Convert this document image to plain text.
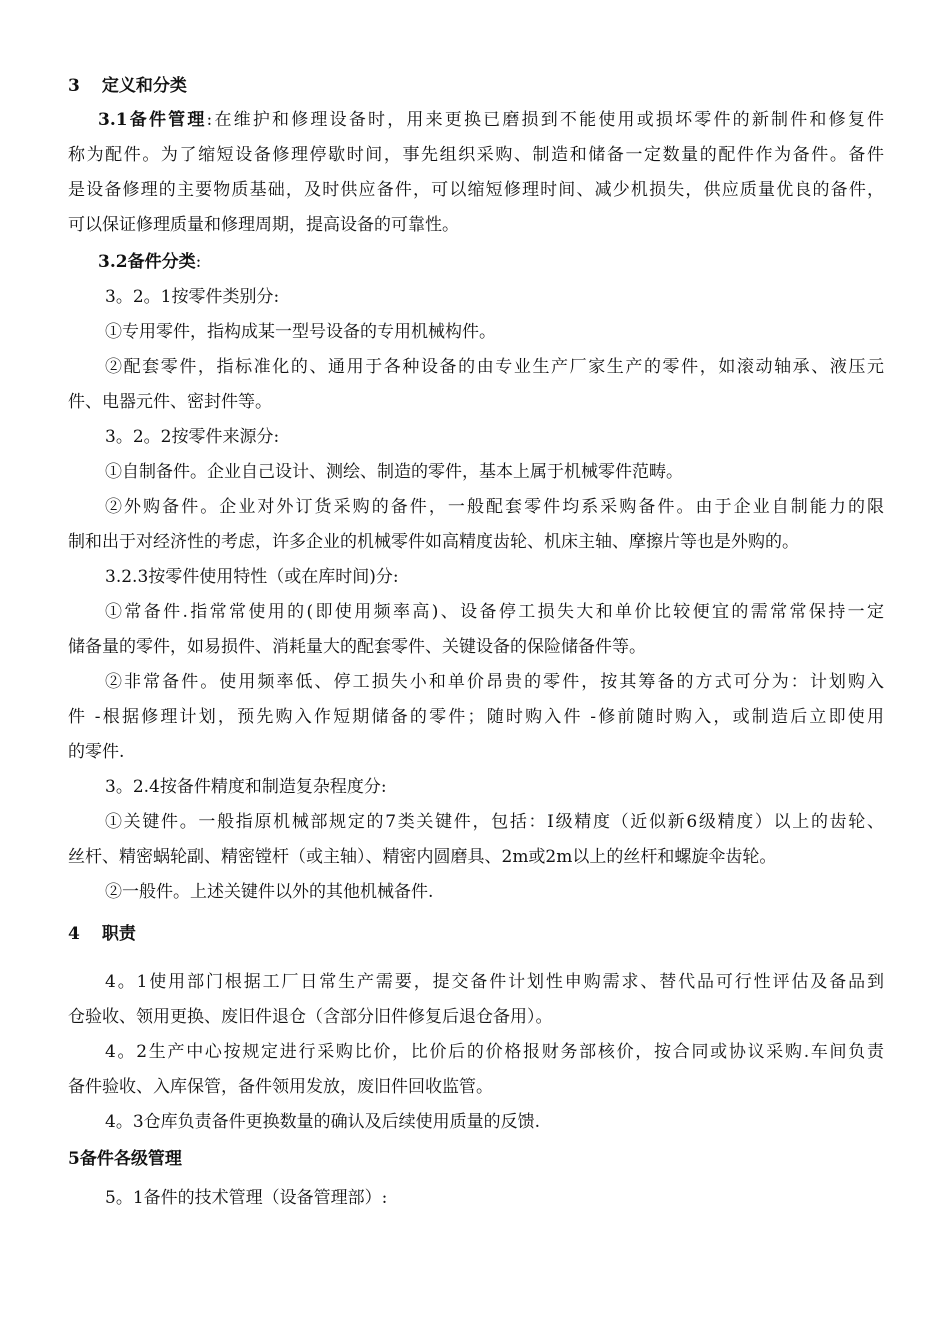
3 定义和分类
3.1备件管理:在维护和修理设备时，用来更换已磨损到不能使用或损坏零件的新制件和修复件
称为配件。为了缩短设备修理停歇时间，事先组织采购、制造和储备一定数量的配件作为备件。备件
是设备修理的主要物质基础，及时供应备件，可以缩短修理时间、减少机损失，供应质量优良的备件，
可以保证修理质量和修理周期，提高设备的可靠性。
3.2备件分类:
3。2。1按零件类别分:
①专用零件，指构成某一型号设备的专用机械构件。
②配套零件，指标准化的、通用于各种设备的由专业生产厂家生产的零件，如滚动轴承、液压元
件、电器元件、密封件等。
3。2。2按零件来源分:
①自制备件。企业自己设计、测绘、制造的零件，基本上属于机械零件范畴。
②外购备件。企业对外订货采购的备件，一般配套零件均系采购备件。由于企业自制能力的限
制和出于对经济性的考虑，许多企业的机械零件如高精度齿轮、机床主轴、摩擦片等也是外购的。
3.2.3按零件使用特性（或在库时间)分:
①常备件.指常常使用的(即使用频率高)、设备停工损失大和单价比较便宜的需常常保持一定
储备量的零件，如易损件、消耗量大的配套零件、关键设备的保险储备件等。
②非常备件。使用频率低、停工损失小和单价昂贵的零件，按其筹备的方式可分为：计划购入
件 -根据修理计划，预先购入作短期储备的零件；随时购入件 -修前随时购入，或制造后立即使用
的零件.
3。2.4按备件精度和制造复杂程度分:
①关键件。一般指原机械部规定的7类关键件，包括：I级精度（近似新6级精度）以上的齿轮、
丝杆、精密蜗轮副、精密镗杆（或主轴）、精密内圆磨具、2m或2m以上的丝杆和螺旋伞齿轮。
②一般件。上述关键件以外的其他机械备件.
4 职责
4。1使用部门根据工厂日常生产需要，提交备件计划性申购需求、替代品可行性评估及备品到
仓验收、领用更换、废旧件退仓（含部分旧件修复后退仓备用）。
4。2生产中心按规定进行采购比价，比价后的价格报财务部核价，按合同或协议采购.车间负责
备件验收、入库保管，备件领用发放，废旧件回收监管。
4。3仓库负责备件更换数量的确认及后续使用质量的反馈.
5备件各级管理
5。1备件的技术管理（设备管理部）:
